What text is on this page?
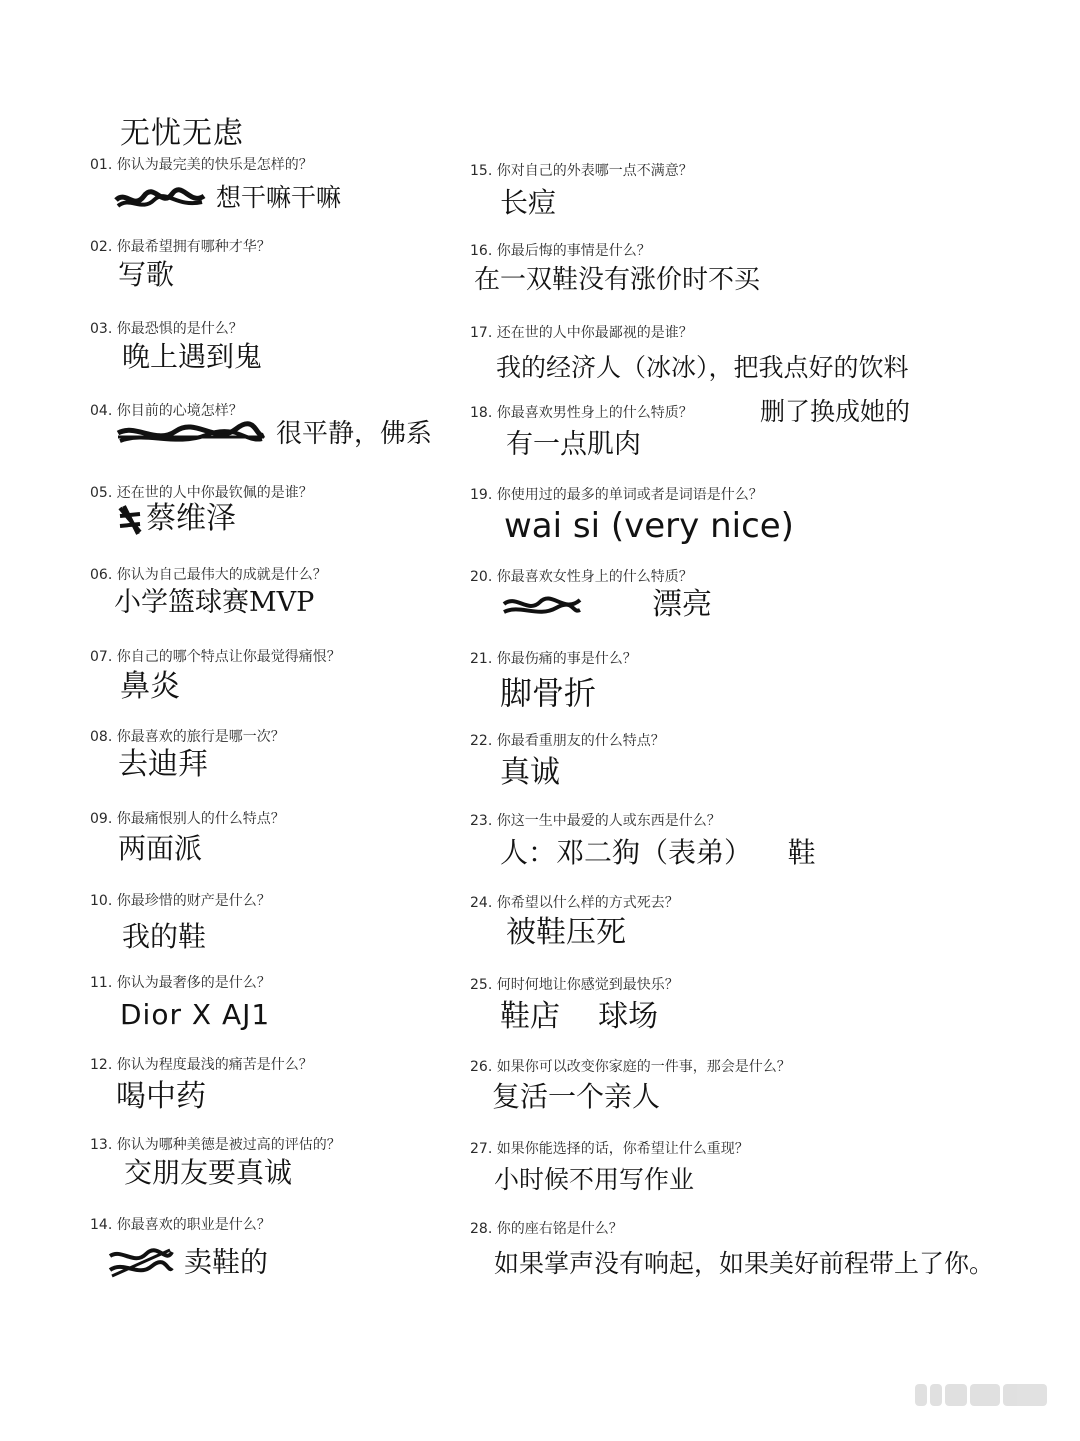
无忧无虑
01. 你认为最完美的快乐是怎样的？
想干嘛干嘛
02. 你最希望拥有哪种才华？
写歌
03. 你最恐惧的是什么？
晚上遇到鬼
04. 你目前的心境怎样？
很平静，佛系
05. 还在世的人中你最钦佩的是谁？
蔡维泽
06. 你认为自己最伟大的成就是什么？
小学篮球赛MVP
07. 你自己的哪个特点让你最觉得痛恨？
鼻炎
08. 你最喜欢的旅行是哪一次？
去迪拜
09. 你最痛恨别人的什么特点？
两面派
10. 你最珍惜的财产是什么？
我的鞋
11. 你认为最奢侈的是什么？
Dior X AJ1
12. 你认为程度最浅的痛苦是什么？
喝中药
13. 你认为哪种美德是被过高的评估的？
交朋友要真诚
14. 你最喜欢的职业是什么？
卖鞋的
15. 你对自己的外表哪一点不满意？
长痘
16. 你最后悔的事情是什么？
在一双鞋没有涨价时不买
17. 还在世的人中你最鄙视的是谁？
我的经济人（冰冰），把我点好的饮料
删了换成她的
18. 你最喜欢男性身上的什么特质？
有一点肌肉
19. 你使用过的最多的单词或者是词语是什么？
wai si (very nice)
20. 你最喜欢女性身上的什么特质？
漂亮
21. 你最伤痛的事是什么？
脚骨折
22. 你最看重朋友的什么特点？
真诚
23. 你这一生中最爱的人或东西是什么？
人：邓二狗（表弟）    鞋
24. 你希望以什么样的方式死去？
被鞋压死
25. 何时何地让你感觉到最快乐？
鞋店    球场
26. 如果你可以改变你家庭的一件事，那会是什么？
复活一个亲人
27. 如果你能选择的话，你希望让什么重现？
小时候不用写作业
28. 你的座右铭是什么？
如果掌声没有响起，如果美好前程带上了你。
